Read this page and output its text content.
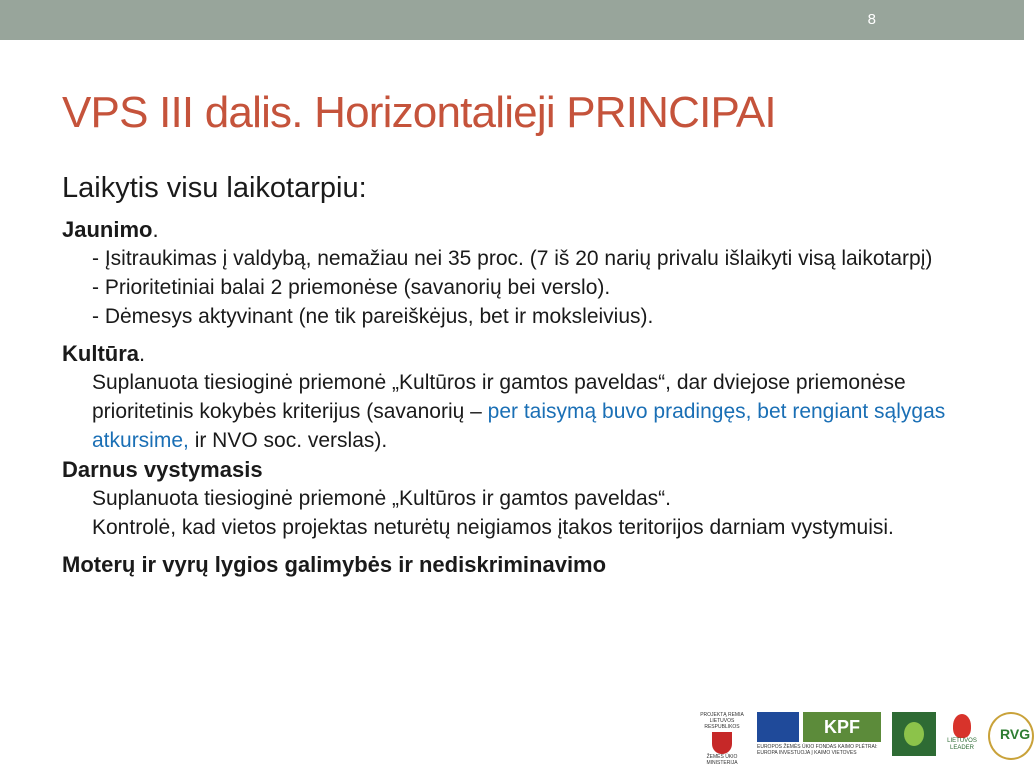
8
VPS III dalis. Horizontalieji PRINCIPAI

Laikytis visu laikotarpiu:

Jaunimo.

- Įsitraukimas į valdybą, nemažiau nei 35 proc. (7 iš 20 narių privalu išlaikyti visą laikotarpį)

- Prioritetiniai balai 2 priemonėse (savanorių bei verslo).

- Dėmesys aktyvinant (ne tik pareiškėjus, bet ir moksleivius).

Kultūra.

Suplanuota tiesioginė priemonė „Kultūros ir gamtos paveldas“, dar dviejose priemonėse prioritetinis kokybės kriterijus (savanorių – per taisymą buvo pradingęs, bet rengiant sąlygas atkursime, ir NVO soc. verslas).

Darnus vystymasis

Suplanuota tiesioginė priemonė „Kultūros ir gamtos paveldas“.

Kontrolė, kad vietos projektas neturėtų neigiamos įtakos teritorijos darniam vystymuisi.

Moterų ir vyrų lygios galimybės ir nediskriminavimo

PROJEKTĄ REMIA LIETUVOS RESPUBLIKOS
ŽEMĖS ŪKIO MINISTERIJA
KPF
EUROPOS ŽEMĖS ŪKIO FONDAS KAIMO PLĖTRAI: EUROPA INVESTUOJA Į KAIMO VIETOVES
LIETUVOS LEADER
RVG
